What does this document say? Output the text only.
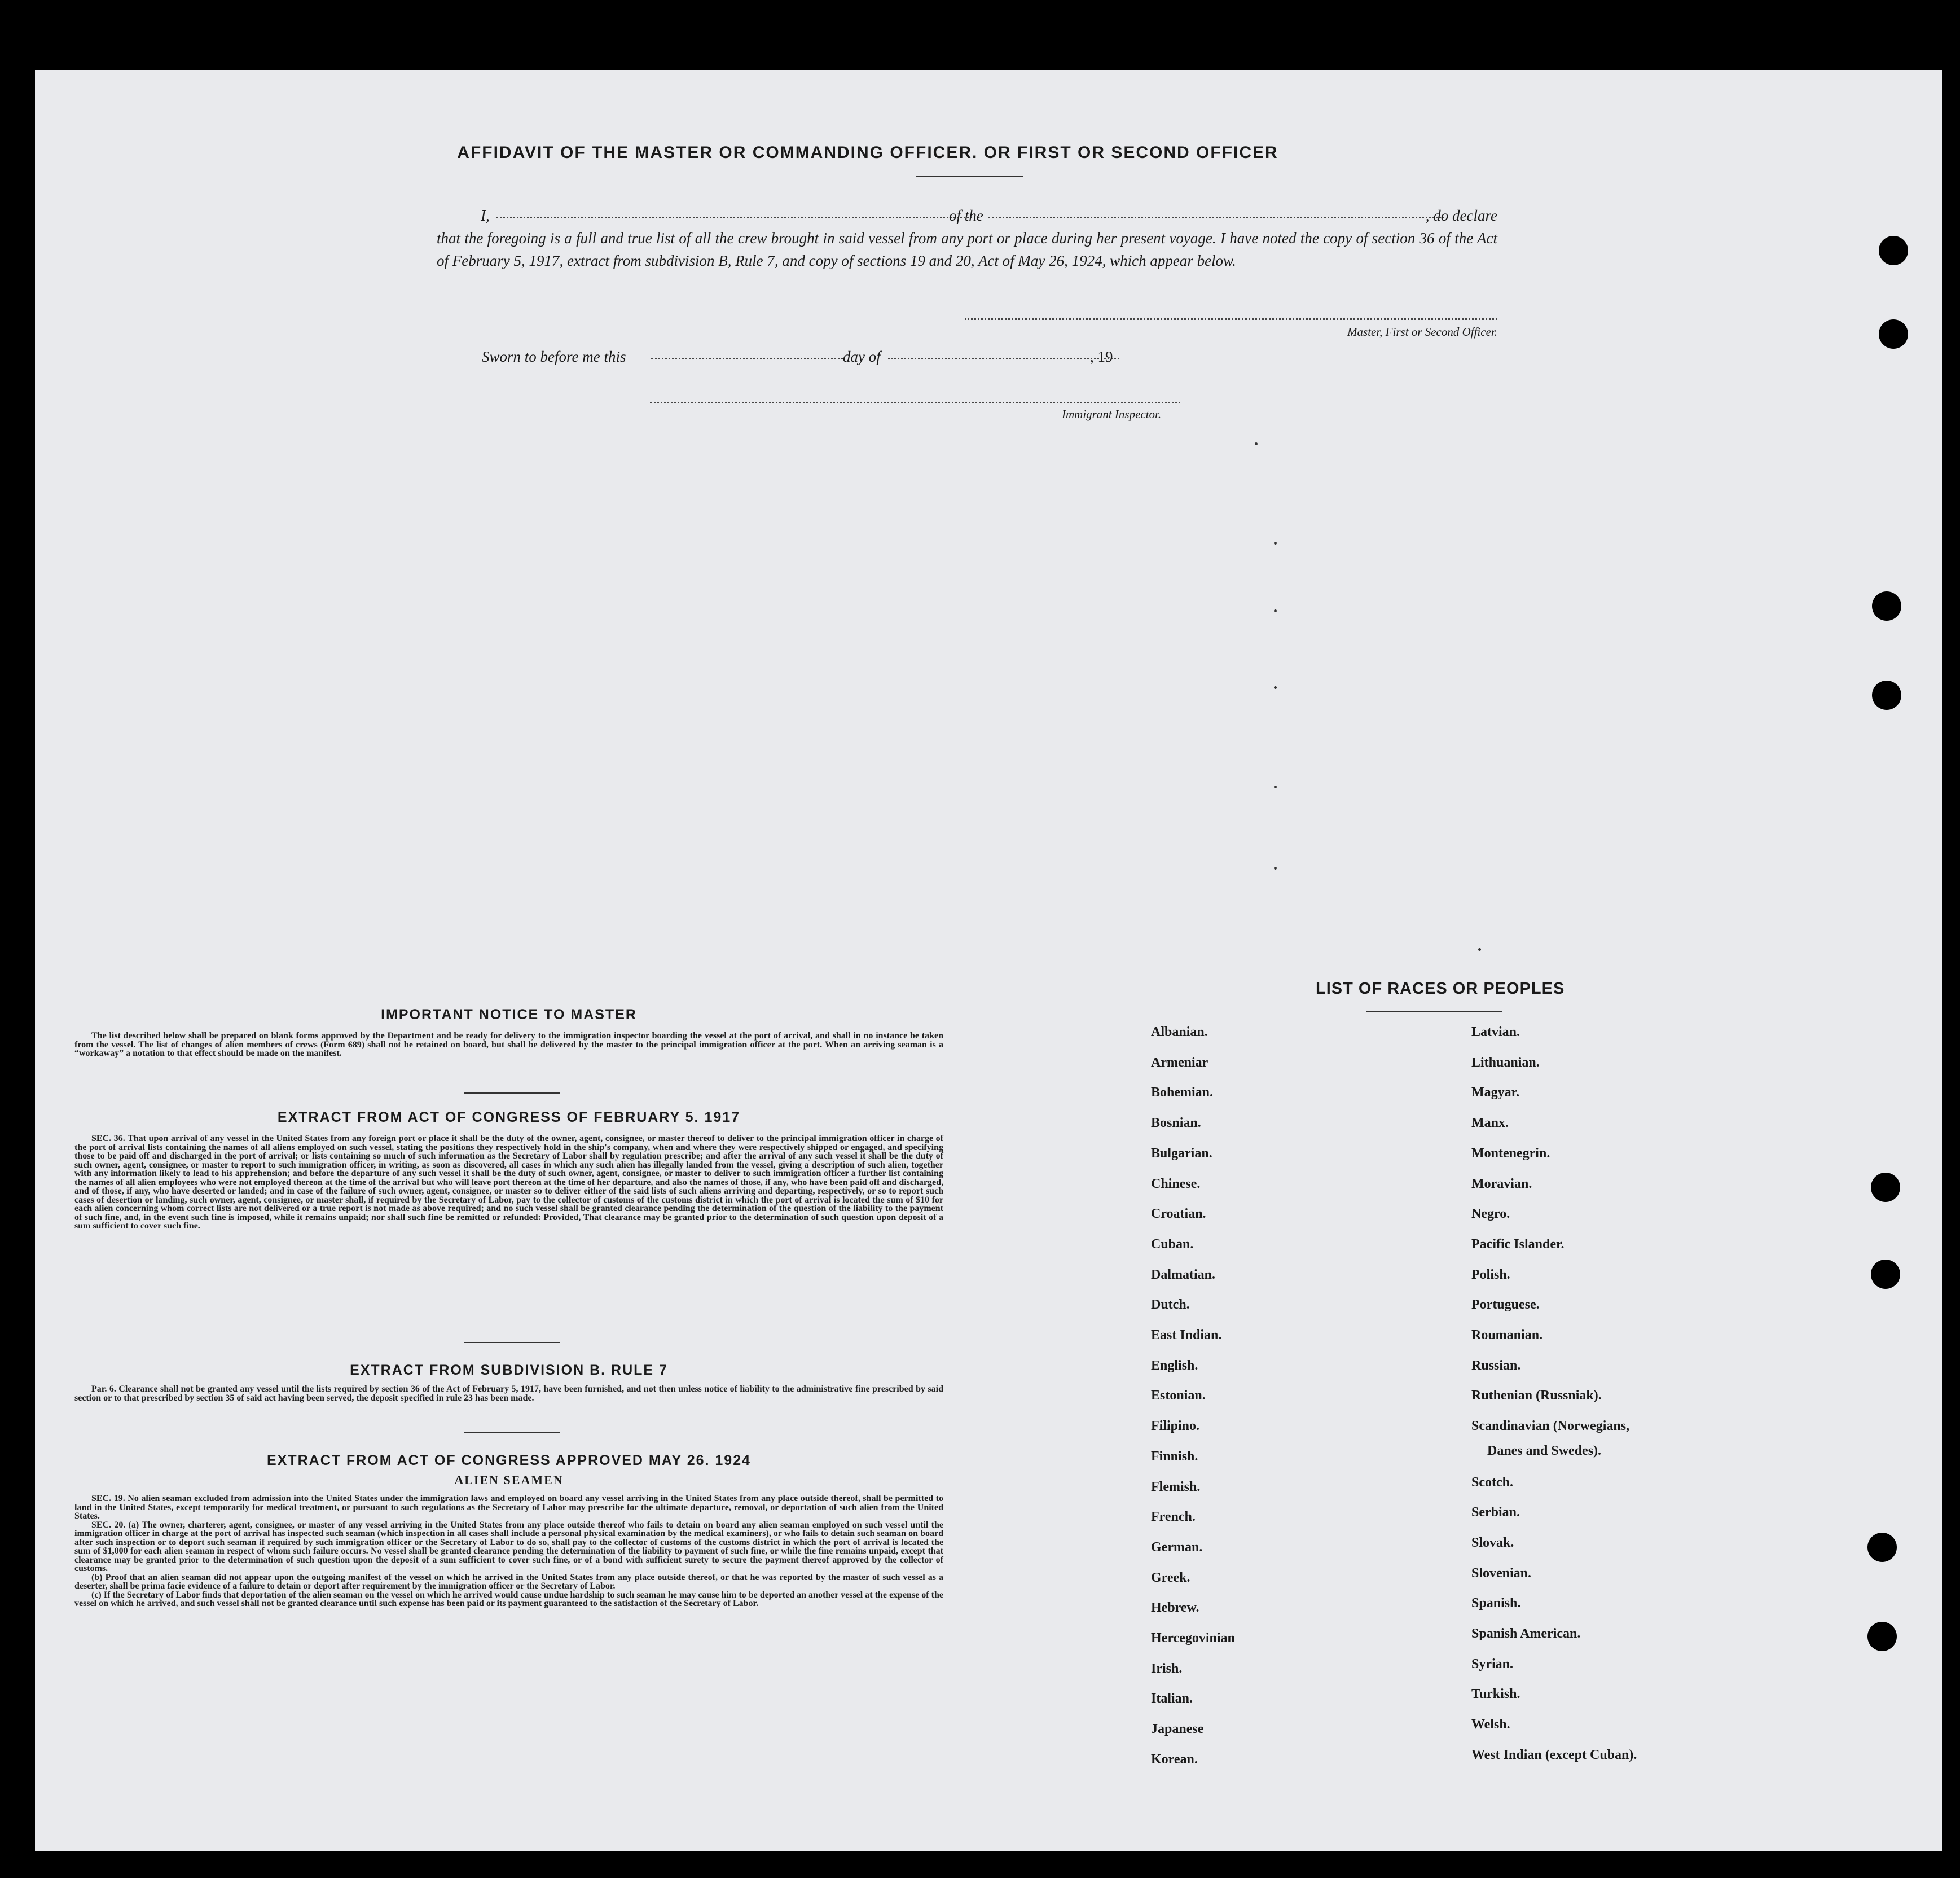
AFFIDAVIT OF THE MASTER OR COMMANDING OFFICER. OR FIRST OR SECOND OFFICER
I,	of the	, do declare
that the foregoing is a full and true list of all the crew brought in said vessel from any port or place during her present voyage. I have noted the copy of section 36 of the Act of February 5, 1917, extract from subdivision B, Rule 7, and copy of sections 19 and 20, Act of May 26, 1924, which appear below.
Master, First or Second Officer.
Sworn to before me this	day of	, 19
Immigrant Inspector.
IMPORTANT NOTICE TO MASTER

The list described below shall be prepared on blank forms approved by the Department and be ready for delivery to the immigration inspector boarding the vessel at the port of arrival, and shall in no instance be taken from the vessel. The list of changes of alien members of crews (Form 689) shall not be retained on board, but shall be delivered by the master to the principal immigration officer at the port. When an arriving seaman is a “workaway” a notation to that effect should be made on the manifest.

EXTRACT FROM ACT OF CONGRESS OF FEBRUARY 5. 1917

SEC. 36. That upon arrival of any vessel in the United States from any foreign port or place it shall be the duty of the owner, agent, consignee, or master thereof to deliver to the principal immigration officer in charge of the port of arrival lists containing the names of all aliens employed on such vessel, stating the positions they respectively hold in the ship's company, when and where they were respectively shipped or engaged, and specifying those to be paid off and discharged in the port of arrival; or lists containing so much of such information as the Secretary of Labor shall by regulation prescribe; and after the arrival of any such vessel it shall be the duty of such owner, agent, consignee, or master to report to such immigration officer, in writing, as soon as discovered, all cases in which any such alien has illegally landed from the vessel, giving a description of such alien, together with any information likely to lead to his apprehension; and before the departure of any such vessel it shall be the duty of such owner, agent, consignee, or master to deliver to such immigration officer a further list containing the names of all alien employees who were not employed thereon at the time of the arrival but who will leave port thereon at the time of her departure, and also the names of those, if any, who have been paid off and discharged, and of those, if any, who have deserted or landed; and in case of the failure of such owner, agent, consignee, or master so to deliver either of the said lists of such aliens arriving and departing, respectively, or so to report such cases of desertion or landing, such owner, agent, consignee, or master shall, if required by the Secretary of Labor, pay to the collector of customs of the customs district in which the port of arrival is located the sum of $10 for each alien concerning whom correct lists are not delivered or a true report is not made as above required; and no such vessel shall be granted clearance pending the determination of the question of the liability to the payment of such fine, and, in the event such fine is imposed, while it remains unpaid; nor shall such fine be remitted or refunded: Provided, That clearance may be granted prior to the determination of such question upon deposit of a sum sufficient to cover such fine.

EXTRACT FROM SUBDIVISION B. RULE 7

Par. 6. Clearance shall not be granted any vessel until the lists required by section 36 of the Act of February 5, 1917, have been furnished, and not then unless notice of liability to the administrative fine prescribed by said section or to that prescribed by section 35 of said act having been served, the deposit specified in rule 23 has been made.

EXTRACT FROM ACT OF CONGRESS APPROVED MAY 26. 1924
ALIEN SEAMEN

SEC. 19. No alien seaman excluded from admission into the United States under the immigration laws and employed on board any vessel arriving in the United States from any place outside thereof, shall be permitted to land in the United States, except temporarily for medical treatment, or pursuant to such regulations as the Secretary of Labor may prescribe for the ultimate departure, removal, or deportation of such alien from the United States.

SEC. 20. (a) The owner, charterer, agent, consignee, or master of any vessel arriving in the United States from any place outside thereof who fails to detain on board any alien seaman employed on such vessel until the immigration officer in charge at the port of arrival has inspected such seaman (which inspection in all cases shall include a personal physical examination by the medical examiners), or who fails to detain such seaman on board after such inspection or to deport such seaman if required by such immigration officer or the Secretary of Labor to do so, shall pay to the collector of customs of the customs district in which the port of arrival is located the sum of $1,000 for each alien seaman in respect of whom such failure occurs. No vessel shall be granted clearance pending the determination of the liability to payment of such fine, or while the fine remains unpaid, except that clearance may be granted prior to the determination of such question upon the deposit of a sum sufficient to cover such fine, or of a bond with sufficient surety to secure the payment thereof approved by the collector of customs.

(b) Proof that an alien seaman did not appear upon the outgoing manifest of the vessel on which he arrived in the United States from any place outside thereof, or that he was reported by the master of such vessel as a deserter, shall be prima facie evidence of a failure to detain or deport after requirement by the immigration officer or the Secretary of Labor.

(c) If the Secretary of Labor finds that deportation of the alien seaman on the vessel on which he arrived would cause undue hardship to such seaman he may cause him to be deported an another vessel at the expense of the vessel on which he arrived, and such vessel shall not be granted clearance until such expense has been paid or its payment guaranteed to the satisfaction of the Secretary of Labor.

LIST OF RACES OR PEOPLES
Albanian.
Armeniar
Bohemian.
Bosnian.
Bulgarian.
Chinese.
Croatian.
Cuban.
Dalmatian.
Dutch.
East Indian.
English.
Estonian.
Filipino.
Finnish.
Flemish.
French.
German.
Greek.
Hebrew.
Hercegovinian
Irish.
Italian.
Japanese
Korean.
Latvian.
Lithuanian.
Magyar.
Manx.
Montenegrin.
Moravian.
Negro.
Pacific Islander.
Polish.
Portuguese.
Roumanian.
Russian.
Ruthenian (Russniak).
Scandinavian (Norwegians,
Scotch.
Serbian.
Slovak.
Slovenian.
Spanish.
Spanish American.
Syrian.
Turkish.
Welsh.
West Indian (except Cuban).
Danes and Swedes).
